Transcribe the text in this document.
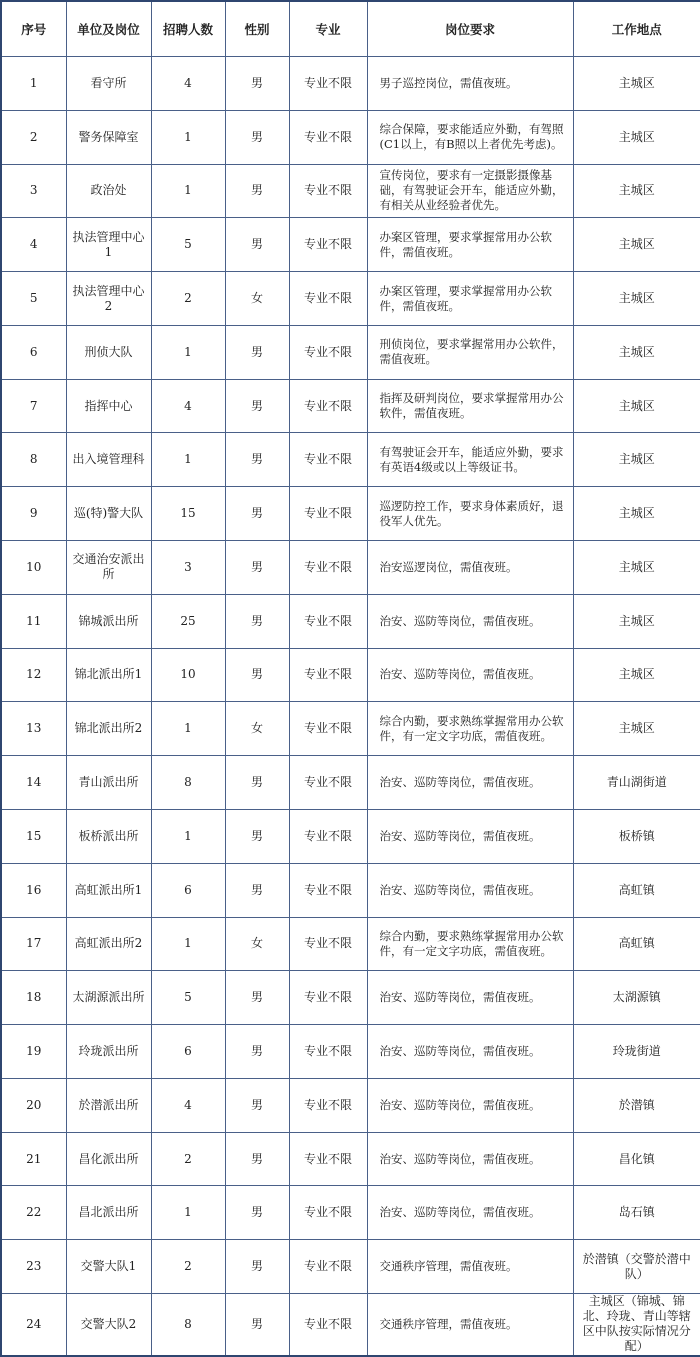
序号	单位及岗位	招聘人数	性别	专业	岗位要求	工作地点
1	看守所	4	男	专业不限	男子巡控岗位，需值夜班。	主城区
2	警务保障室	1	男	专业不限	综合保障，要求能适应外勤，有驾照(C1以上，有B照以上者优先考虑)。	主城区
3	政治处	1	男	专业不限	宣传岗位，要求有一定摄影摄像基础，有驾驶证会开车，能适应外勤，有相关从业经验者优先。	主城区
4	执法管理中心1	5	男	专业不限	办案区管理，要求掌握常用办公软件，需值夜班。	主城区
5	执法管理中心2	2	女	专业不限	办案区管理，要求掌握常用办公软件，需值夜班。	主城区
6	刑侦大队	1	男	专业不限	刑侦岗位，要求掌握常用办公软件，需值夜班。	主城区
7	指挥中心	4	男	专业不限	指挥及研判岗位，要求掌握常用办公软件，需值夜班。	主城区
8	出入境管理科	1	男	专业不限	有驾驶证会开车，能适应外勤，要求有英语4级或以上等级证书。	主城区
9	巡(特)警大队	15	男	专业不限	巡逻防控工作，要求身体素质好，退役军人优先。	主城区
10	交通治安派出所	3	男	专业不限	治安巡逻岗位，需值夜班。	主城区
11	锦城派出所	25	男	专业不限	治安、巡防等岗位，需值夜班。	主城区
12	锦北派出所1	10	男	专业不限	治安、巡防等岗位，需值夜班。	主城区
13	锦北派出所2	1	女	专业不限	综合内勤，要求熟练掌握常用办公软件，有一定文字功底，需值夜班。	主城区
14	青山派出所	8	男	专业不限	治安、巡防等岗位，需值夜班。	青山湖街道
15	板桥派出所	1	男	专业不限	治安、巡防等岗位，需值夜班。	板桥镇
16	高虹派出所1	6	男	专业不限	治安、巡防等岗位，需值夜班。	高虹镇
17	高虹派出所2	1	女	专业不限	综合内勤，要求熟练掌握常用办公软件，有一定文字功底，需值夜班。	高虹镇
18	太湖源派出所	5	男	专业不限	治安、巡防等岗位，需值夜班。	太湖源镇
19	玲珑派出所	6	男	专业不限	治安、巡防等岗位，需值夜班。	玲珑街道
20	於潜派出所	4	男	专业不限	治安、巡防等岗位，需值夜班。	於潜镇
21	昌化派出所	2	男	专业不限	治安、巡防等岗位，需值夜班。	昌化镇
22	昌北派出所	1	男	专业不限	治安、巡防等岗位，需值夜班。	岛石镇
23	交警大队1	2	男	专业不限	交通秩序管理，需值夜班。	於潜镇（交警於潜中队）
24	交警大队2	8	男	专业不限	交通秩序管理，需值夜班。	主城区（锦城、锦北、玲珑、青山等辖区中队按实际情况分配）
